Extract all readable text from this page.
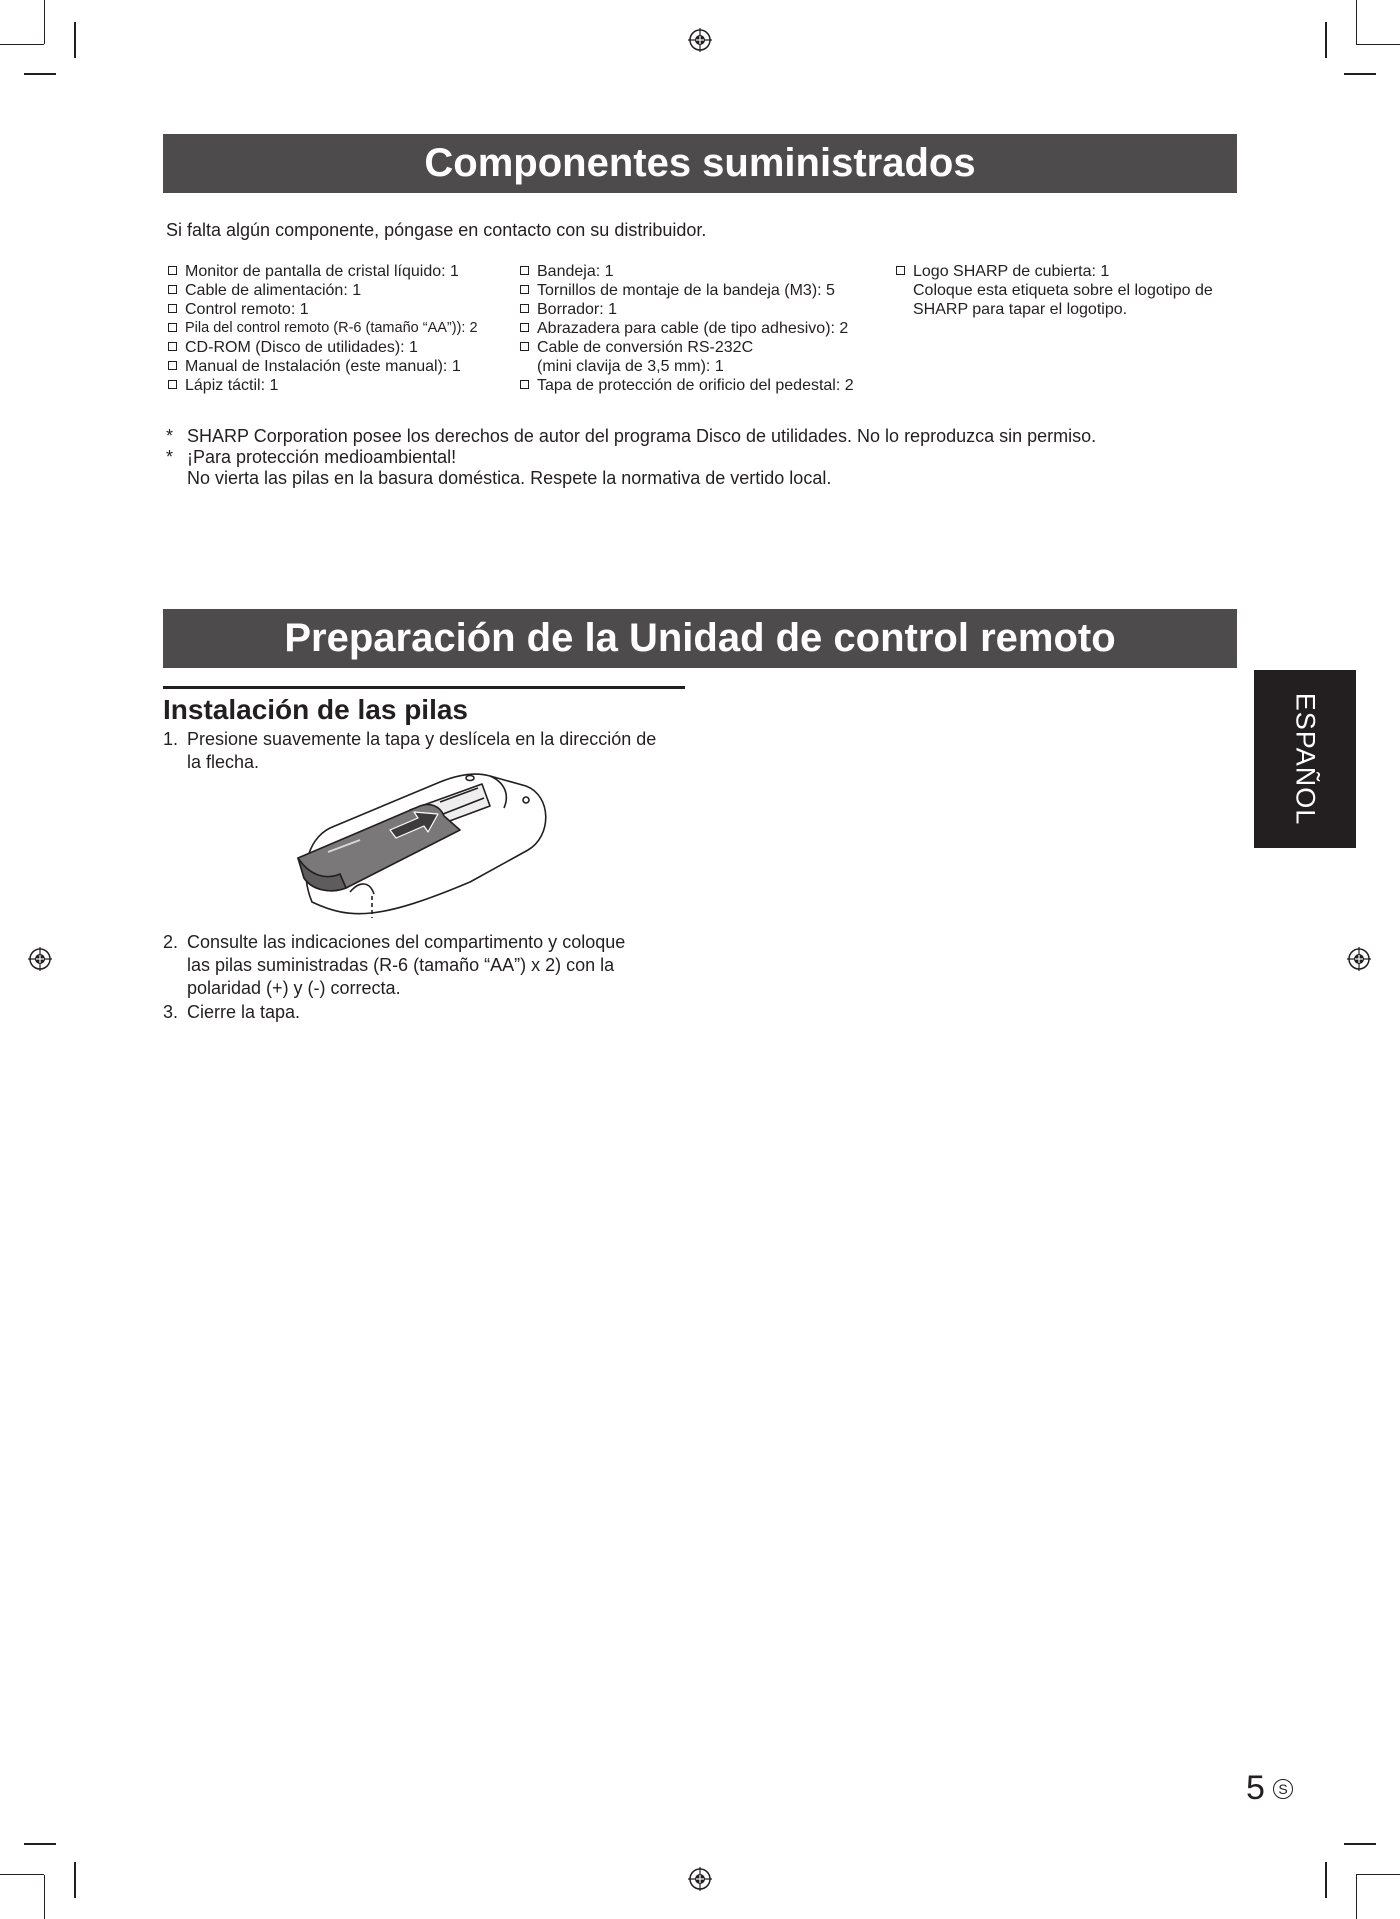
Componentes suministrados
Si falta algún componente, póngase en contacto con su distribuidor.
Monitor de pantalla de cristal líquido: 1
Cable de alimentación: 1
Control remoto: 1
Pila del control remoto (R-6 (tamaño “AA”)): 2
CD-ROM (Disco de utilidades): 1
Manual de Instalación (este manual): 1
Lápiz táctil: 1
Bandeja: 1
Tornillos de montaje de la bandeja (M3): 5
Borrador: 1
Abrazadera para cable (de tipo adhesivo): 2
Cable de conversión RS-232C
(mini clavija de 3,5 mm): 1
Tapa de protección de orificio del pedestal: 2
Logo SHARP de cubierta: 1
Coloque esta etiqueta sobre el logotipo de
SHARP para tapar el logotipo.
* SHARP Corporation posee los derechos de autor del programa Disco de utilidades. No lo reproduzca sin permiso.
* ¡Para protección medioambiental!
No vierta las pilas en la basura doméstica. Respete la normativa de vertido local.
Preparación de la Unidad de control remoto
Instalación de las pilas
1. Presione suavemente la tapa y deslícela en la dirección de
la flecha.
2. Consulte las indicaciones del compartimento y coloque
las pilas suministradas (R-6 (tamaño “AA”) x 2) con la
polaridad (+) y (-) correcta.
3. Cierre la tapa.
ESPAÑOL
5 S
